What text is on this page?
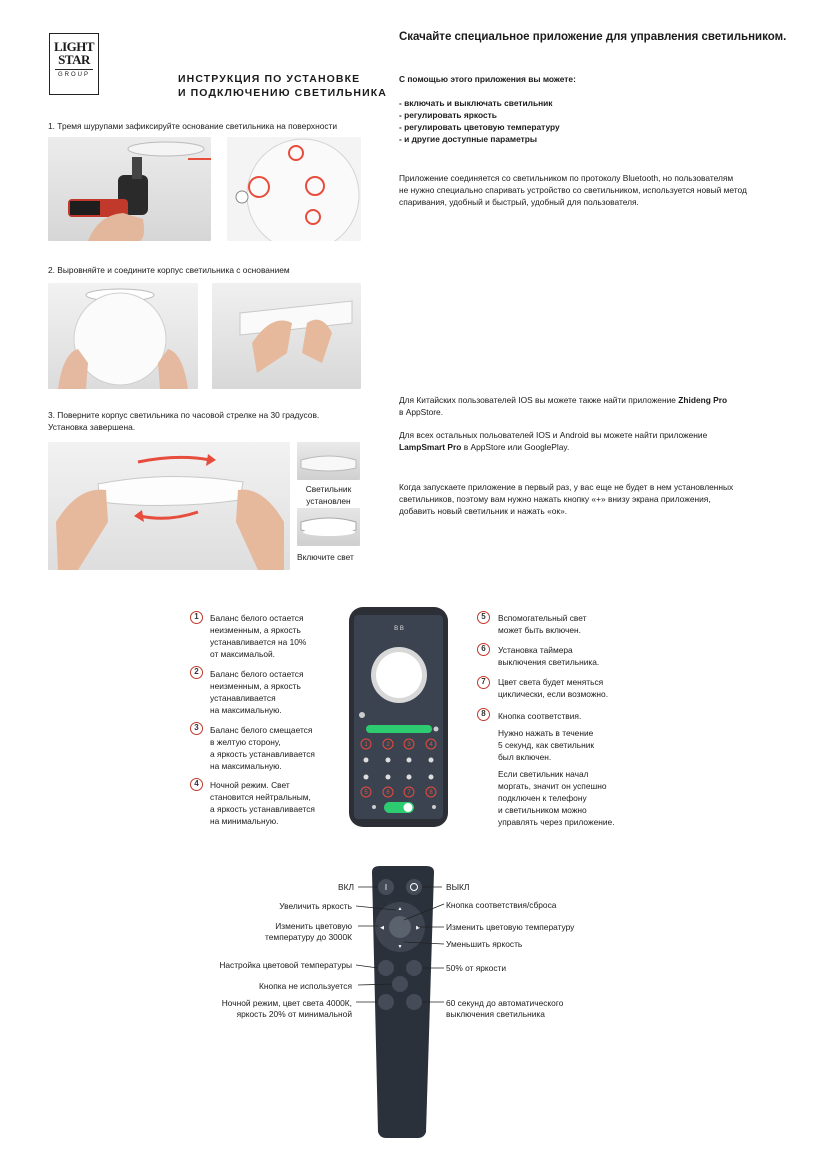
LIGHT
STAR
GROUP	ИНСТРУКЦИЯ ПО УСТАНОВКЕ
И ПОДКЛЮЧЕНИЮ СВЕТИЛЬНИКА
1. Тремя шурупами зафиксируйте основание светильника на поверхности
2. Выровняйте и соедините корпус светильника с основанием
3. Поверните корпус светильника по часовой стрелке на 30 градусов.
Установка завершена.
Светильник
установлен
Включите свет
Скачайте специальное приложение для управления светильником.
С помощью этого приложения вы можете:
- включать и выключать светильник
- регулировать яркость
- регулировать цветовую температуру
- и другие доступные параметры
Приложение соединяется со светильником по протоколу Bluetooth, но пользователям
не нужно специально спаривать устройство со светильником, используется новый метод
спаривания, удобный и быстрый, удобный для пользователя.
Для Китайских пользователей IOS вы можете также найти приложение Zhideng Pro
в AppStore.
Для всех остальных польователей IOS и Android вы можете найти приложение
LampSmart Pro в AppStore или GooglePlay.
Когда запускаете приложение в первый раз, у вас еще не будет в нем установленных
светильников, поэтому вам нужно нажать кнопку «+» внизу экрана приложения,
добавить новый светильник и нажать «ок».
1	Баланс белого остается
неизменным, а яркость
устанавливается на 10%
от максимальой.
2	Баланс белого остается
неизменным, а яркость
устанавливается
на максимальную.
3	Баланс белого смещается
в желтую сторону,
а яркость устанавливается
на максимальную.
4	Ночной режим. Свет
становится нейтральным,
а яркость устанавливается
на минимальную.
B B
1	2	3	4
5	6	7	8
5	Вспомогательный свет
может быть включен.
6	Установка таймера
выключения светильника.
7	Цвет света будет меняться
циклически, если возможно.
8	Кнопка соответствия.
Нужно нажать в течение
5 секунд, как светильник
был включен.
Если светильник начал
моргать, значит он успешно
подключен к телефону
и светильником можно
управлять через приложение.
I
▲
▼
◀	▶
ВКЛ
Увеличить яркость
Изменить цветовую
температуру до 3000К
Настройка цветовой температуры
Кнопка не используется
Ночной режим, цвет света 4000К,
яркость 20% от минимальной
ВЫКЛ
Кнопка соответствия/сброса
Изменить цветовую температуру
Уменьшить яркость
50% от яркости
60 секунд до автоматического
выключения светильника
